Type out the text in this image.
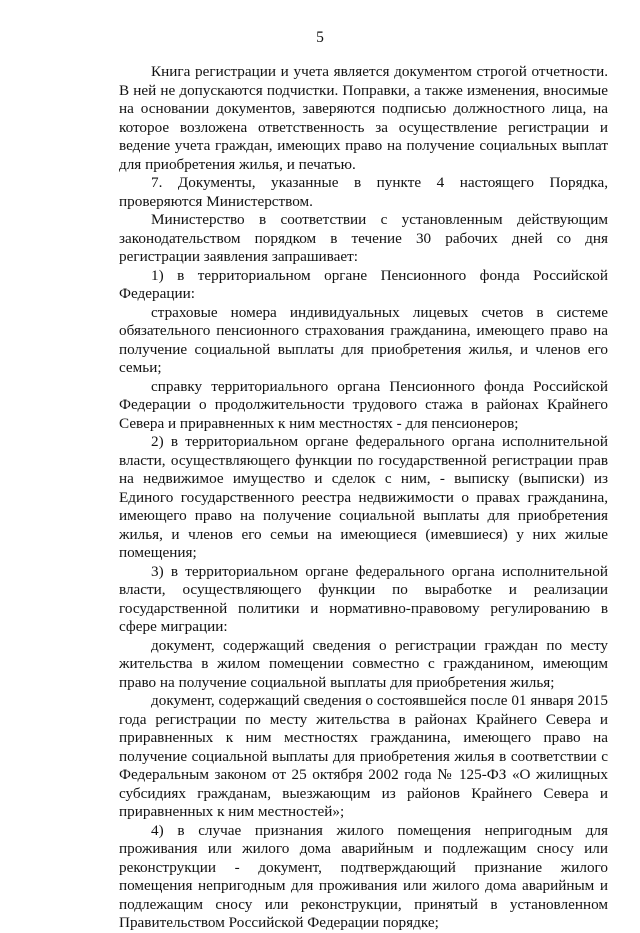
5

Книга регистрации и учета является документом строгой отчетности. В ней не допускаются подчистки. Поправки, а также изменения, вносимые на основании документов, заверяются подписью должностного лица, на которое возложена ответственность за осуществление регистрации и ведение учета граждан, имеющих право на получение социальных выплат для приобретения жилья, и печатью.

7. Документы, указанные в пункте 4 настоящего Порядка, проверяются Министерством.

Министерство в соответствии с установленным действующим законодательством порядком в течение 30 рабочих дней со дня регистрации заявления запрашивает:

1) в территориальном органе Пенсионного фонда Российской Федерации:

страховые номера индивидуальных лицевых счетов в системе обязательного пенсионного страхования гражданина, имеющего право на получение социальной выплаты для приобретения жилья, и членов его семьи;

справку территориального органа Пенсионного фонда Российской Федерации о продолжительности трудового стажа в районах Крайнего Севера и приравненных к ним местностях - для пенсионеров;

2) в территориальном органе федерального органа исполнительной власти, осуществляющего функции по государственной регистрации прав на недвижимое имущество и сделок с ним, - выписку (выписки) из Единого государственного реестра недвижимости о правах гражданина, имеющего право на получение социальной выплаты для приобретения жилья, и членов его семьи на имеющиеся (имевшиеся) у них жилые помещения;

3) в территориальном органе федерального органа исполнительной власти, осуществляющего функции по выработке и реализации государственной политики и нормативно-правовому регулированию в сфере миграции:

документ, содержащий сведения о регистрации граждан по месту жительства в жилом помещении совместно с гражданином, имеющим право на получение социальной выплаты для приобретения жилья;

документ, содержащий сведения о состоявшейся после 01 января 2015 года регистрации по месту жительства в районах Крайнего Севера и приравненных к ним местностях гражданина, имеющего право на получение социальной выплаты для приобретения жилья в соответствии с Федеральным законом от 25 октября 2002 года № 125-ФЗ «О жилищных субсидиях гражданам, выезжающим из районов Крайнего Севера и приравненных к ним местностей»;

4) в случае признания жилого помещения непригодным для проживания или жилого дома аварийным и подлежащим сносу или реконструкции - документ, подтверждающий признание жилого помещения непригодным для проживания или жилого дома аварийным и подлежащим сносу или реконструкции, принятый в установленном Правительством Российской Федерации порядке;
